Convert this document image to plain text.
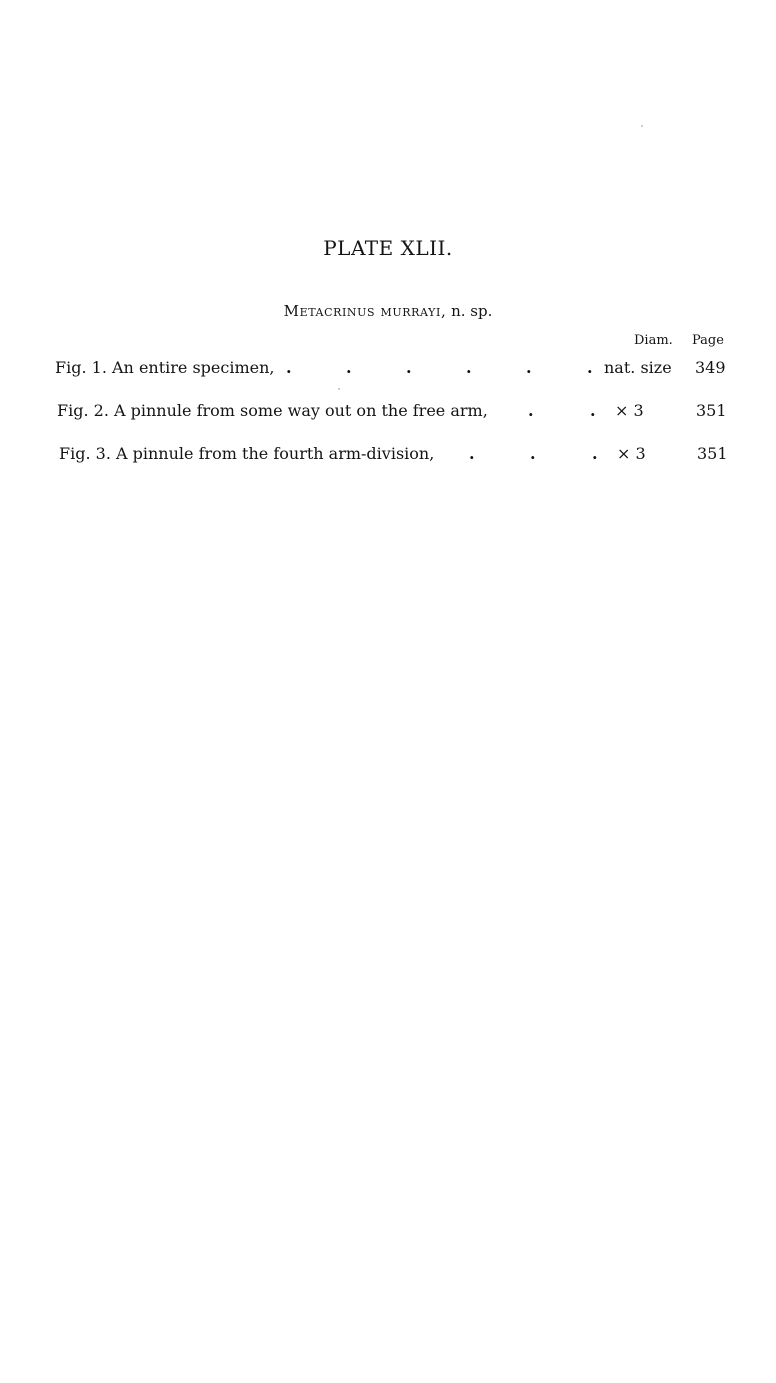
PLATE XLII.
Metacrinus murrayi, n. sp.
Diam. Page
Fig. 1. An entire specimen, .	.	.	.	.	. nat. size 349
Fig. 2. A pinnule from some way out on the free arm,	.	. × 3	351
Fig. 3. A pinnule from the fourth arm-division, .	.	. × 3	351
